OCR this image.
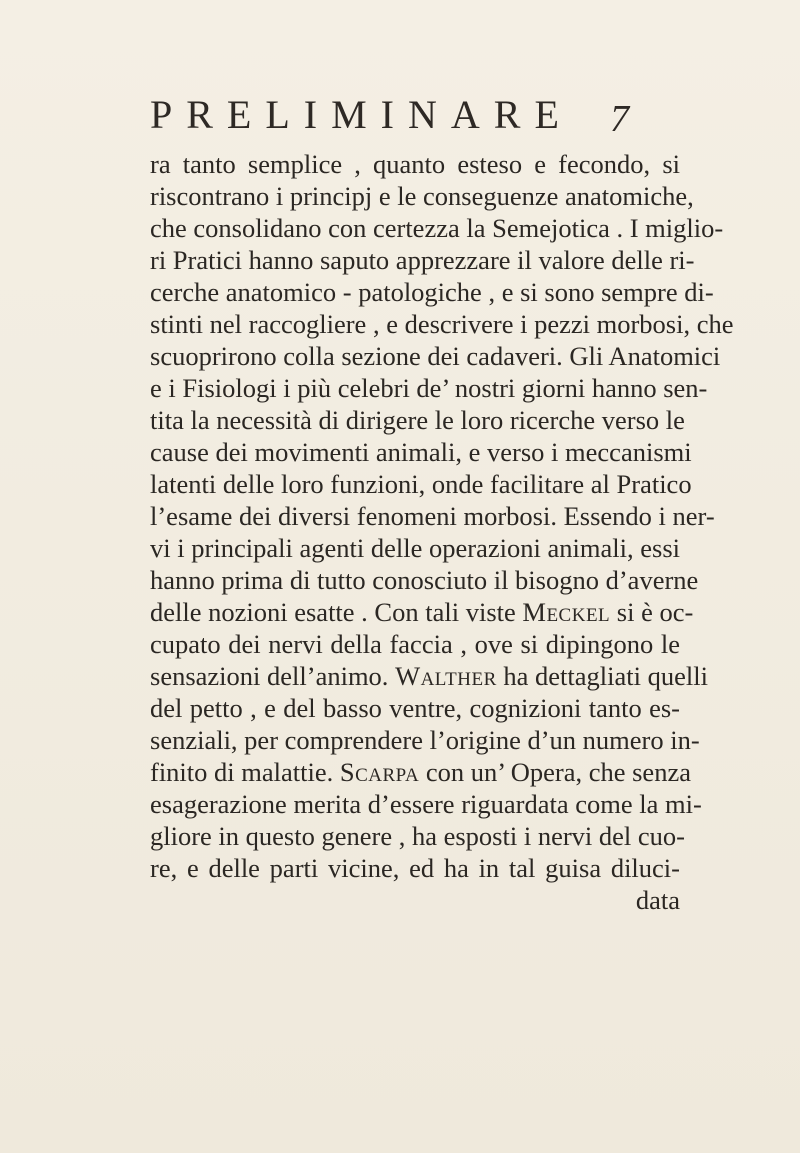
PRELIMINARE 7
ra tanto semplice , quanto esteso e fecondo, si
riscontrano i principj e le conseguenze anatomiche,
che consolidano con certezza la Semejotica . I miglio-
ri Pratici hanno saputo apprezzare il valore delle ri-
cerche anatomico - patologiche , e si sono sempre di-
stinti nel raccogliere , e descrivere i pezzi morbosi, che
scuoprirono colla sezione dei cadaveri. Gli Anatomici
e i Fisiologi i più celebri de’ nostri giorni hanno sen-
tita la necessità di dirigere le loro ricerche verso le
cause dei movimenti animali, e verso i meccanismi
latenti delle loro funzioni, onde facilitare al Pratico
l’esame dei diversi fenomeni morbosi. Essendo i ner-
vi i principali agenti delle operazioni animali, essi
hanno prima di tutto conosciuto il bisogno d’averne
delle nozioni esatte . Con tali viste Meckel si è oc-
cupato dei nervi della faccia , ove si dipingono le
sensazioni dell’animo. Walther ha dettagliati quelli
del petto , e del basso ventre, cognizioni tanto es-
senziali, per comprendere l’origine d’un numero in-
finito di malattie. Scarpa con un’ Opera, che senza
esagerazione merita d’essere riguardata come la mi-
gliore in questo genere , ha esposti i nervi del cuo-
re, e delle parti vicine, ed ha in tal guisa diluci-
data
